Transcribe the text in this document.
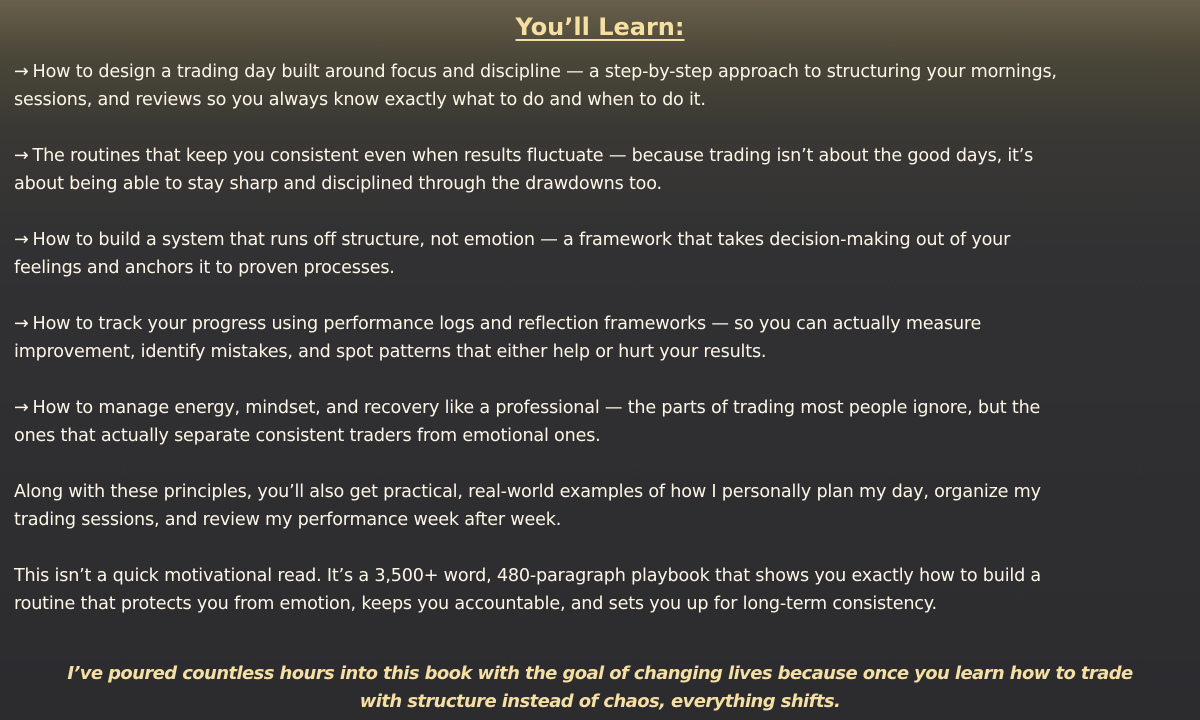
You’ll Learn:

→ How to design a trading day built around focus and discipline — a step-by-step approach to structuring your mornings, sessions, and reviews so you always know exactly what to do and when to do it.

→ The routines that keep you consistent even when results fluctuate — because trading isn’t about the good days, it’s about being able to stay sharp and disciplined through the drawdowns too.

→ How to build a system that runs off structure, not emotion — a framework that takes decision-making out of your feelings and anchors it to proven processes.

→ How to track your progress using performance logs and reflection frameworks — so you can actually measure improvement, identify mistakes, and spot patterns that either help or hurt your results.

→ How to manage energy, mindset, and recovery like a professional — the parts of trading most people ignore, but the ones that actually separate consistent traders from emotional ones.

Along with these principles, you’ll also get practical, real-world examples of how I personally plan my day, organize my trading sessions, and review my performance week after week.

This isn’t a quick motivational read. It’s a 3,500+ word, 480-paragraph playbook that shows you exactly how to build a routine that protects you from emotion, keeps you accountable, and sets you up for long-term consistency.

I’ve poured countless hours into this book with the goal of changing lives because once you learn how to trade with structure instead of chaos, everything shifts.
